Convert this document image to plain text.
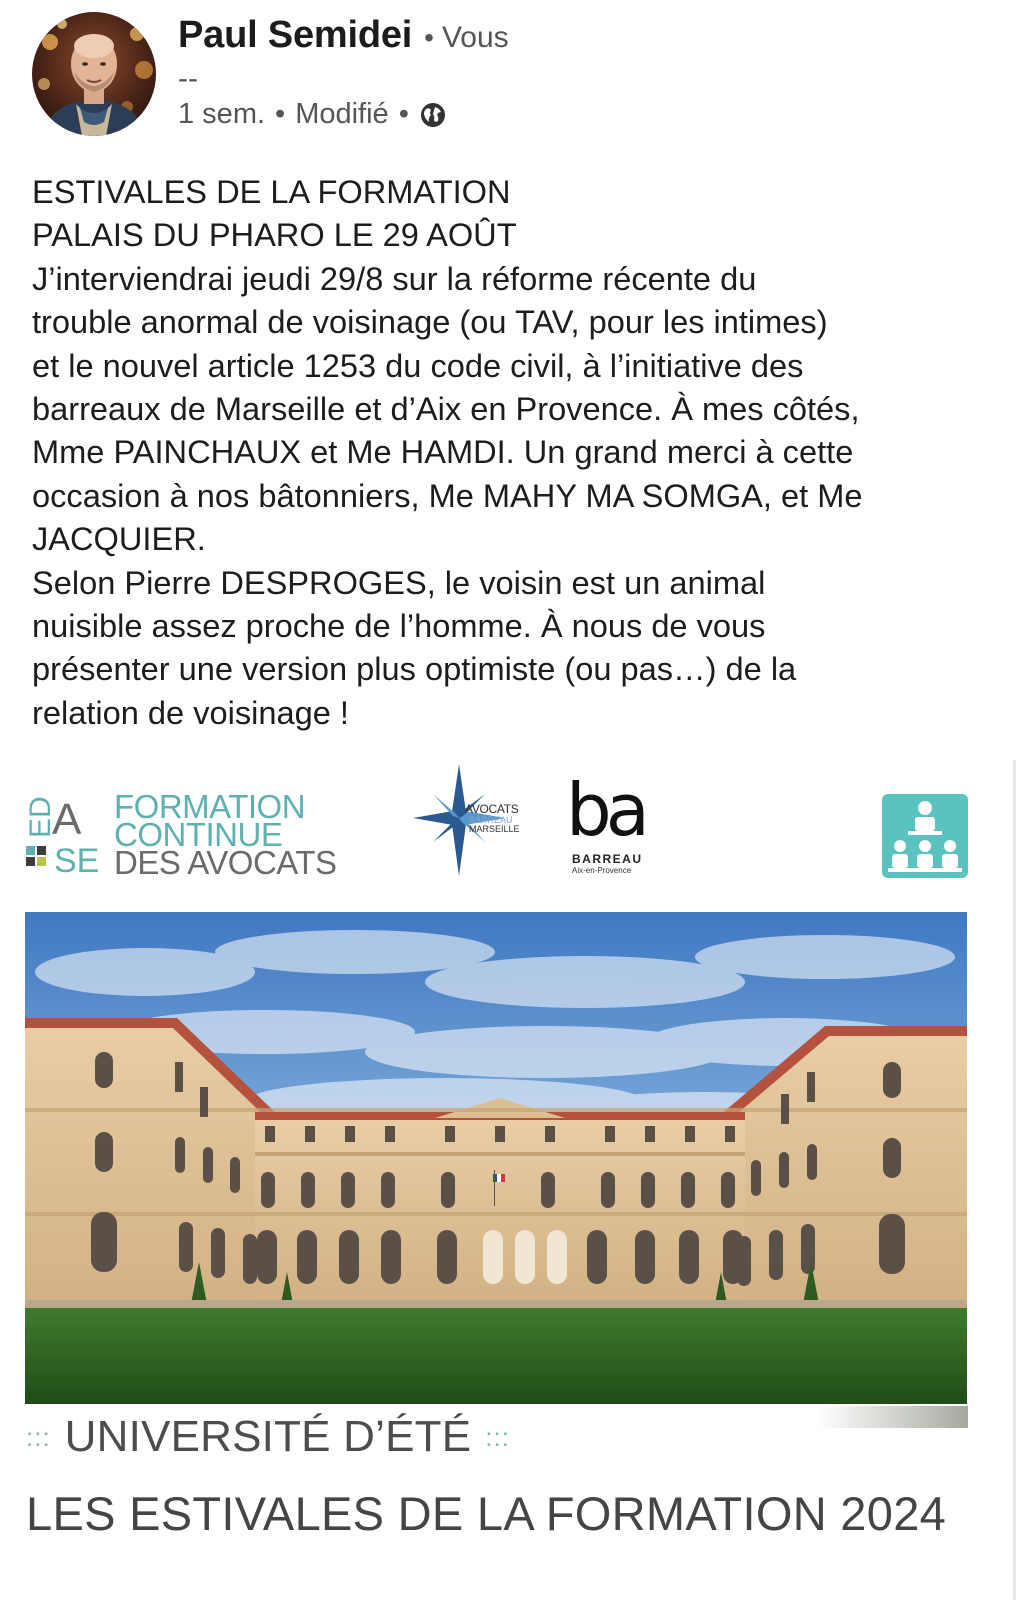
Paul Semidei • Vous
--
1 sem. • Modifié •

ESTIVALES DE LA FORMATION

PALAIS DU PHARO LE 29 AOÛT

J’interviendrai jeudi 29/8 sur la réforme récente du

trouble anormal de voisinage (ou TAV, pour les intimes)

et le nouvel article 1253 du code civil, à l’initiative des

barreaux de Marseille et d’Aix en Provence. À mes côtés,

Mme PAINCHAUX et Me HAMDI. Un grand merci à cette

occasion à nos bâtonniers, Me MAHY MA SOMGA, et Me

JACQUIER.

Selon Pierre DESPROGES, le voisin est un animal

nuisible assez proche de l’homme. À nous de vous

présenter une version plus optimiste (ou pas…) de la

relation de voisinage !

ED
A
SE
FORMATION
CONTINUE
DES AVOCATS
AVOCATS
BARREAU
MARSEILLE ba
BARREAU
Aix-en-Provence
::: UNIVERSITÉ D’ÉTÉ :::
LES ESTIVALES DE LA FORMATION 2024
